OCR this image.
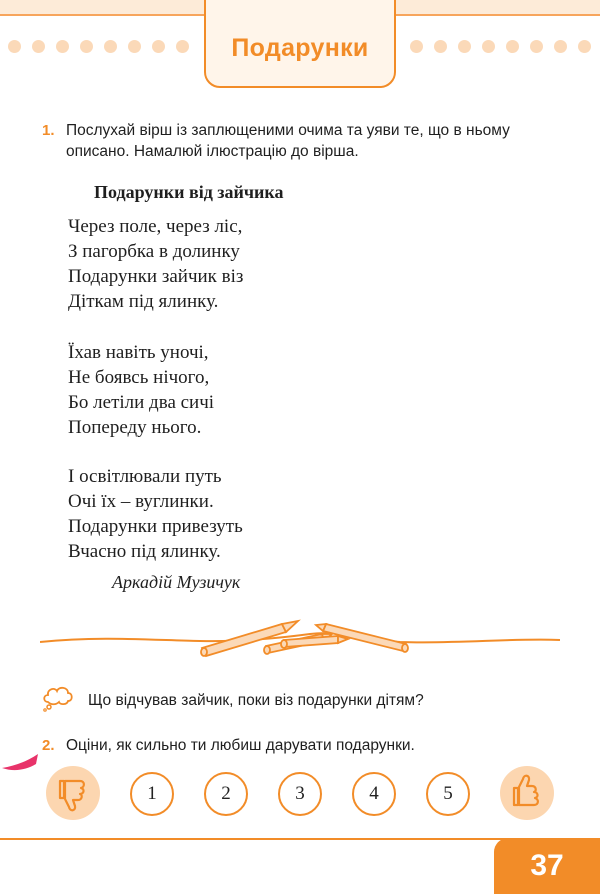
Подарунки
1. Послухай вірш із заплющеними очима та уяви те, що в ньому
описано. Намалюй ілюстрацію до вірша.
Подарунки від зайчика
Через поле, через ліс,
З пагорбка в долинку
Подарунки зайчик віз
Діткам під ялинку.
Їхав навіть уночі,
Не боявсь нічого,
Бо летіли два сичі
Попереду нього.
І освітлювали путь
Очі їх – вуглинки.
Подарунки привезуть
Вчасно під ялинку.
Аркадій Музичук
Що відчував зайчик, поки віз подарунки дітям?
2. Оціни, як сильно ти любиш дарувати подарунки.
1	2	3	4	5
37
